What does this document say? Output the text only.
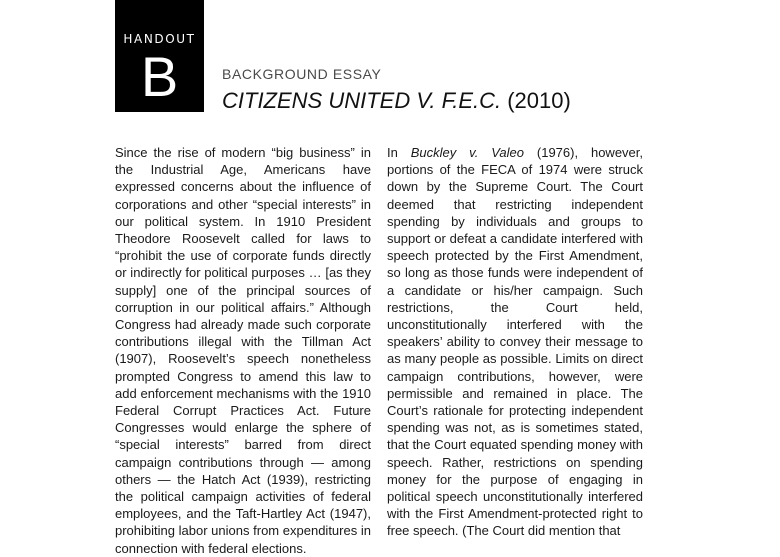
HANDOUT
B	BACKGROUND ESSAY
CITIZENS UNITED V. F.E.C. (2010)
Since the rise of modern “big business” in the Industrial Age, Americans have expressed concerns about the influence of corporations and other “special interests” in our political system. In 1910 President Theodore Roosevelt called for laws to “prohibit the use of corporate funds directly or indirectly for political purposes … [as they supply] one of the principal sources of corruption in our political affairs.” Although Congress had already made such corporate contributions illegal with the Tillman Act (1907), Roosevelt’s speech nonetheless prompted Congress to amend this law to add enforcement mechanisms with the 1910 Federal Corrupt Practices Act. Future Congresses would enlarge the sphere of “special interests” barred from direct campaign contributions through — among others — the Hatch Act (1939), restricting the political campaign activities of federal employees, and the Taft-Hartley Act (1947), prohibiting labor unions from expenditures in connection with federal elections.
In Buckley v. Valeo (1976), however, portions of the FECA of 1974 were struck down by the Supreme Court. The Court deemed that restricting independent spending by individuals and groups to support or defeat a candidate interfered with speech protected by the First Amendment, so long as those funds were independent of a candidate or his/her campaign. Such restrictions, the Court held, unconstitutionally interfered with the speakers’ ability to convey their message to as many people as possible. Limits on direct campaign contributions, however, were permissible and remained in place. The Court’s rationale for protecting independent spending was not, as is sometimes stated, that the Court equated spending money with speech. Rather, restrictions on spending money for the purpose of engaging in political speech unconstitutionally interfered with the First Amendment-protected right to free speech. (The Court did mention that
